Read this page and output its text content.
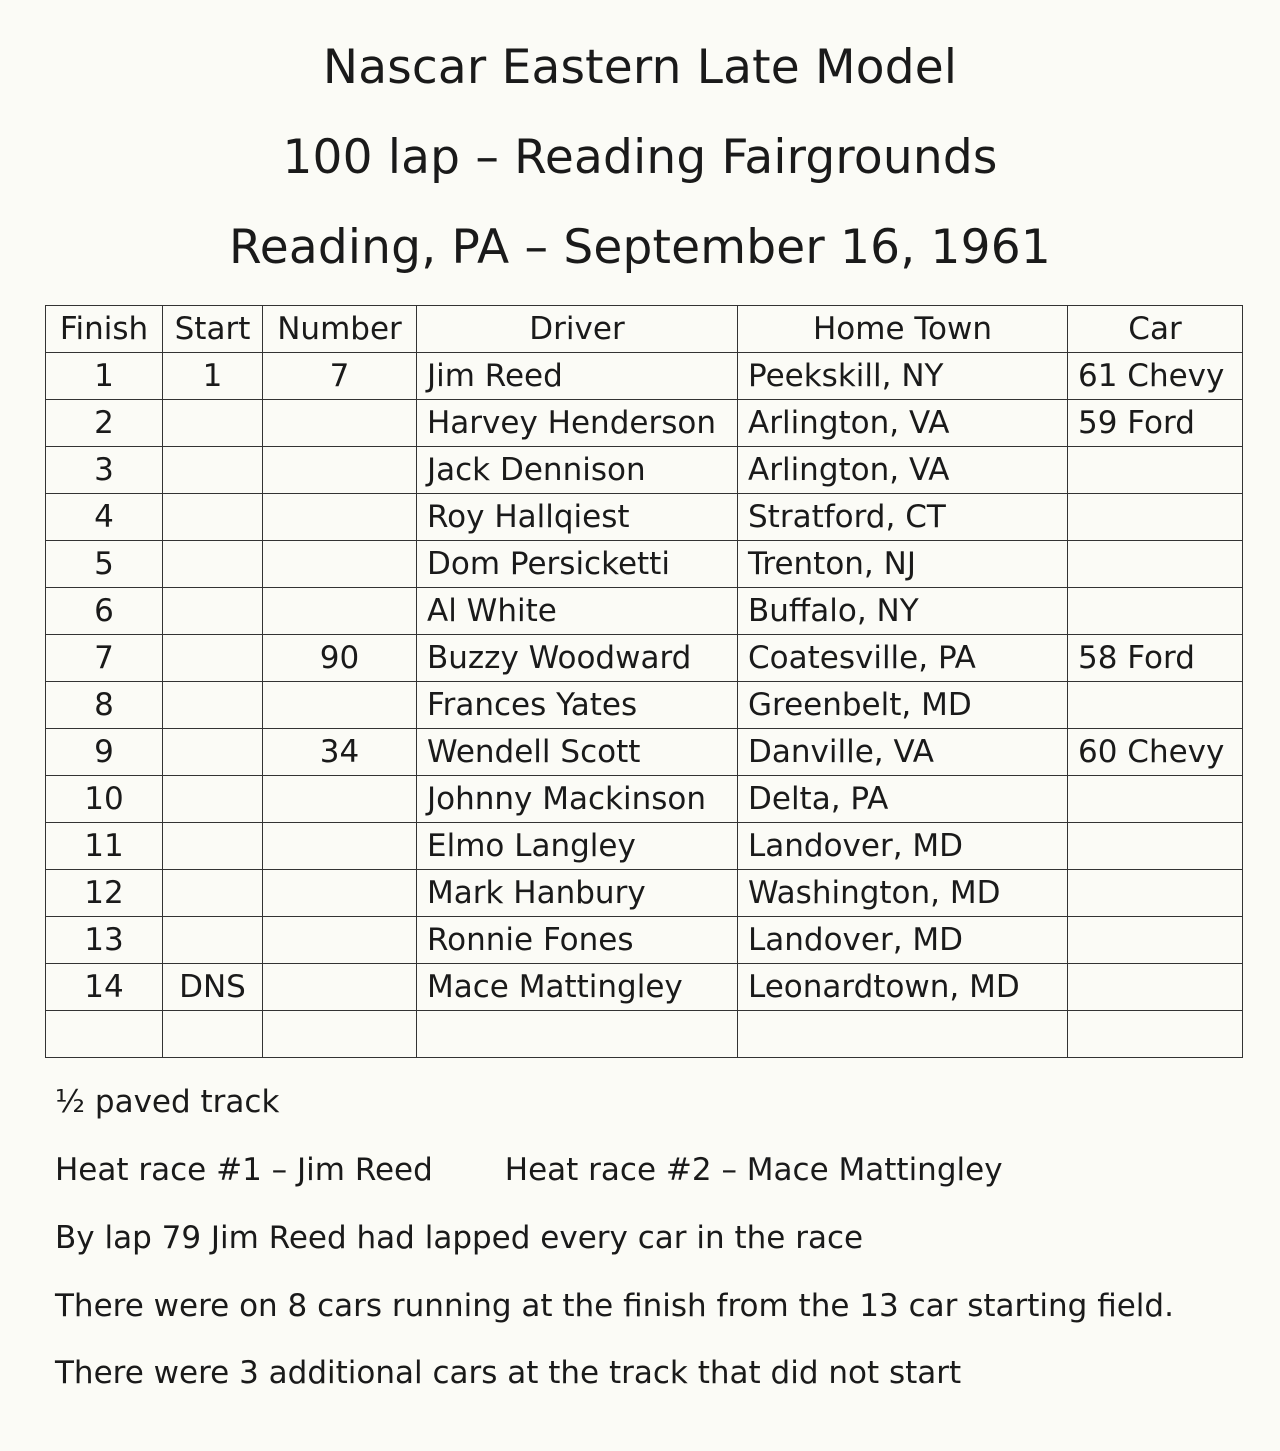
Nascar Eastern Late Model
100 lap – Reading Fairgrounds
Reading, PA – September 16, 1961
Finish	Start	Number	Driver	Home Town	Car
1	1	7	Jim Reed	Peekskill, NY	61 Chevy
2			Harvey Henderson	Arlington, VA	59 Ford
3			Jack Dennison	Arlington, VA	
4			Roy Hallqiest	Stratford, CT	
5			Dom Persicketti	Trenton, NJ	
6			Al White	Buffalo, NY	
7		90	Buzzy Woodward	Coatesville, PA	58 Ford
8			Frances Yates	Greenbelt, MD	
9		34	Wendell Scott	Danville, VA	60 Chevy
10			Johnny Mackinson	Delta, PA	
11			Elmo Langley	Landover, MD	
12			Mark Hanbury	Washington, MD	
13			Ronnie Fones	Landover, MD	
14	DNS		Mace Mattingley	Leonardtown, MD	

½ paved track
Heat race #1 – Jim Reed Heat race #2 – Mace Mattingley
By lap 79 Jim Reed had lapped every car in the race
There were on 8 cars running at the finish from the 13 car starting field.
There were 3 additional cars at the track that did not start
